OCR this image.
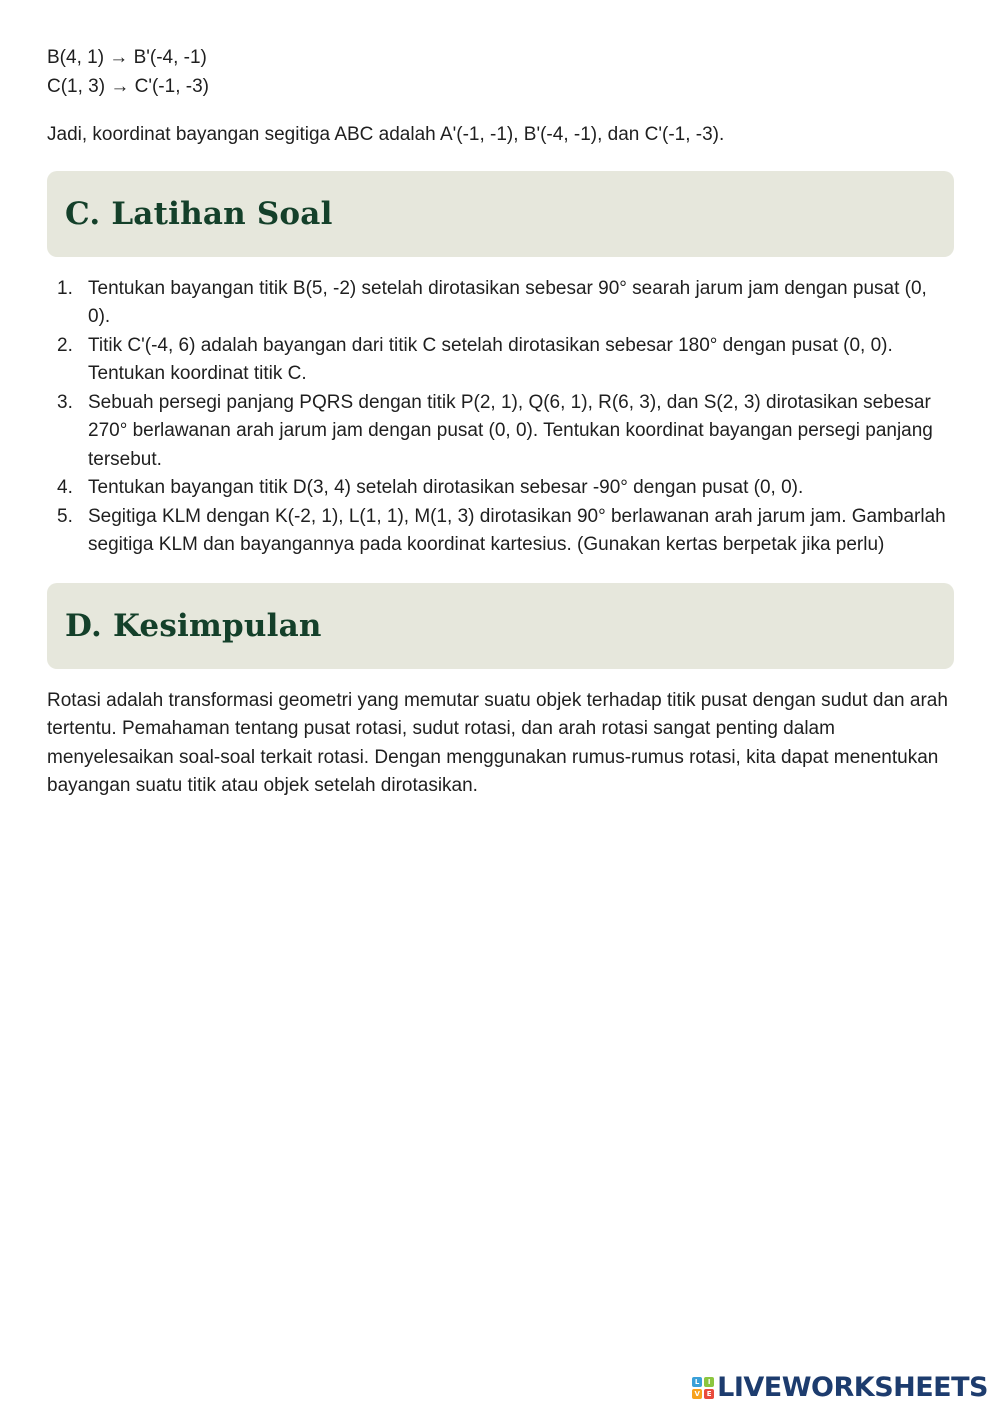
B(4, 1) → B'(-4, -1)

C(1, 3) → C'(-1, -3)

Jadi, koordinat bayangan segitiga ABC adalah A'(-1, -1), B'(-4, -1), dan C'(-1, -3).

C. Latihan Soal
1. Tentukan bayangan titik B(5, -2) setelah dirotasikan sebesar 90° searah jarum jam dengan pusat (0, 0).
2. Titik C'(-4, 6) adalah bayangan dari titik C setelah dirotasikan sebesar 180° dengan pusat (0, 0). Tentukan koordinat titik C.
3. Sebuah persegi panjang PQRS dengan titik P(2, 1), Q(6, 1), R(6, 3), dan S(2, 3) dirotasikan sebesar 270° berlawanan arah jarum jam dengan pusat (0, 0). Tentukan koordinat bayangan persegi panjang tersebut.
4. Tentukan bayangan titik D(3, 4) setelah dirotasikan sebesar -90° dengan pusat (0, 0).
5. Segitiga KLM dengan K(-2, 1), L(1, 1), M(1, 3) dirotasikan 90° berlawanan arah jarum jam. Gambarlah segitiga KLM dan bayangannya pada koordinat kartesius. (Gunakan kertas berpetak jika perlu)
D. Kesimpulan

Rotasi adalah transformasi geometri yang memutar suatu objek terhadap titik pusat dengan sudut dan arah tertentu. Pemahaman tentang pusat rotasi, sudut rotasi, dan arah rotasi sangat penting dalam menyelesaikan soal-soal terkait rotasi. Dengan menggunakan rumus-rumus rotasi, kita dapat menentukan bayangan suatu titik atau objek setelah dirotasikan.

L	I
V E LIVEWORKSHEETS
